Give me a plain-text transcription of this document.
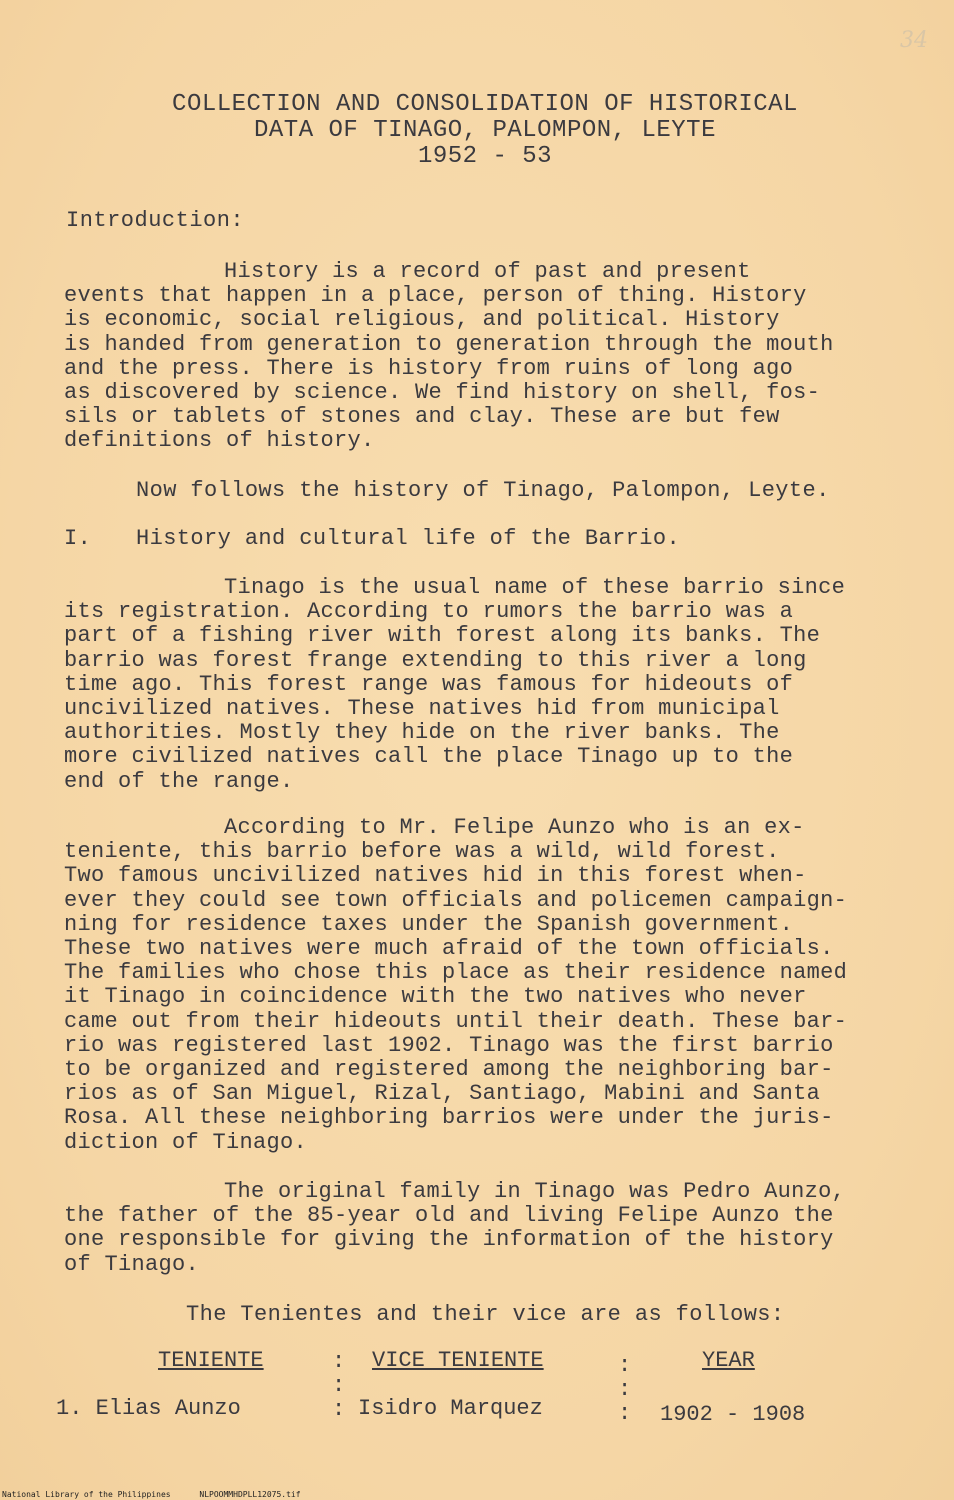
34
COLLECTION AND CONSOLIDATION OF HISTORICAL
DATA OF TINAGO, PALOMPON, LEYTE
1952 - 53
Introduction:
History is a record of past and present
events that happen in a place, person of thing. History
is economic, social religious, and political. History
is handed from generation to generation through the mouth
and the press. There is history from ruins of long ago
as discovered by science. We find history on shell, fos-
sils or tablets of stones and clay. These are but few
definitions of history.
Now follows the history of Tinago, Palompon, Leyte.
I. History and cultural life of the Barrio.
Tinago is the usual name of these barrio since
its registration. According to rumors the barrio was a
part of a fishing river with forest along its banks. The
barrio was forest frange extending to this river a long
time ago. This forest range was famous for hideouts of
uncivilized natives. These natives hid from municipal
authorities. Mostly they hide on the river banks. The
more civilized natives call the place Tinago up to the
end of the range.
According to Mr. Felipe Aunzo who is an ex-
teniente, this barrio before was a wild, wild forest.
Two famous uncivilized natives hid in this forest when-
ever they could see town officials and policemen campaign-
ning for residence taxes under the Spanish government.
These two natives were much afraid of the town officials.
The families who chose this place as their residence named
it Tinago in coincidence with the two natives who never
came out from their hideouts until their death. These bar-
rio was registered last 1902. Tinago was the first barrio
to be organized and registered among the neighboring bar-
rios as of San Miguel, Rizal, Santiago, Mabini and Santa
Rosa. All these neighboring barrios were under the juris-
diction of Tinago.
The original family in Tinago was Pedro Aunzo,
the father of the 85-year old and living Felipe Aunzo the
one responsible for giving the information of the history
of Tinago.
The Tenientes and their vice are as follows:
TENIENTE	VICE TENIENTE	YEAR
:
:
:
:
:
:
1. Elias Aunzo	Isidro Marquez	1902 - 1908
National Library of the Philippines	NLPOOMMHDPLL12075.tif
